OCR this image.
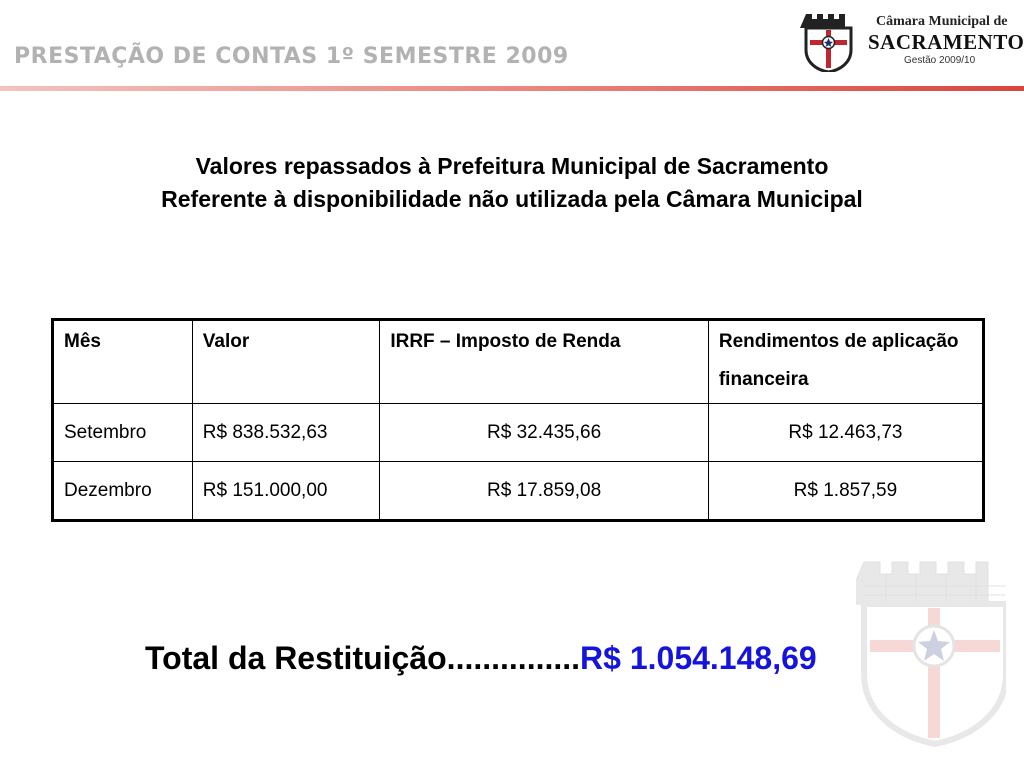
PRESTAÇÃO DE CONTAS 1º SEMESTRE 2009
Câmara Municipal de
SACRAMENTO
Gestão 2009/10
Valores repassados à Prefeitura Municipal de Sacramento
Referente à disponibilidade não utilizada pela Câmara Municipal
Mês	Valor	IRRF – Imposto de Renda	Rendimentos de aplicação financeira
Setembro	R$ 838.532,63	R$ 32.435,66	R$ 12.463,73
Dezembro	R$ 151.000,00	R$ 17.859,08	R$ 1.857,59
Total da Restituição...............R$ 1.054.148,69
